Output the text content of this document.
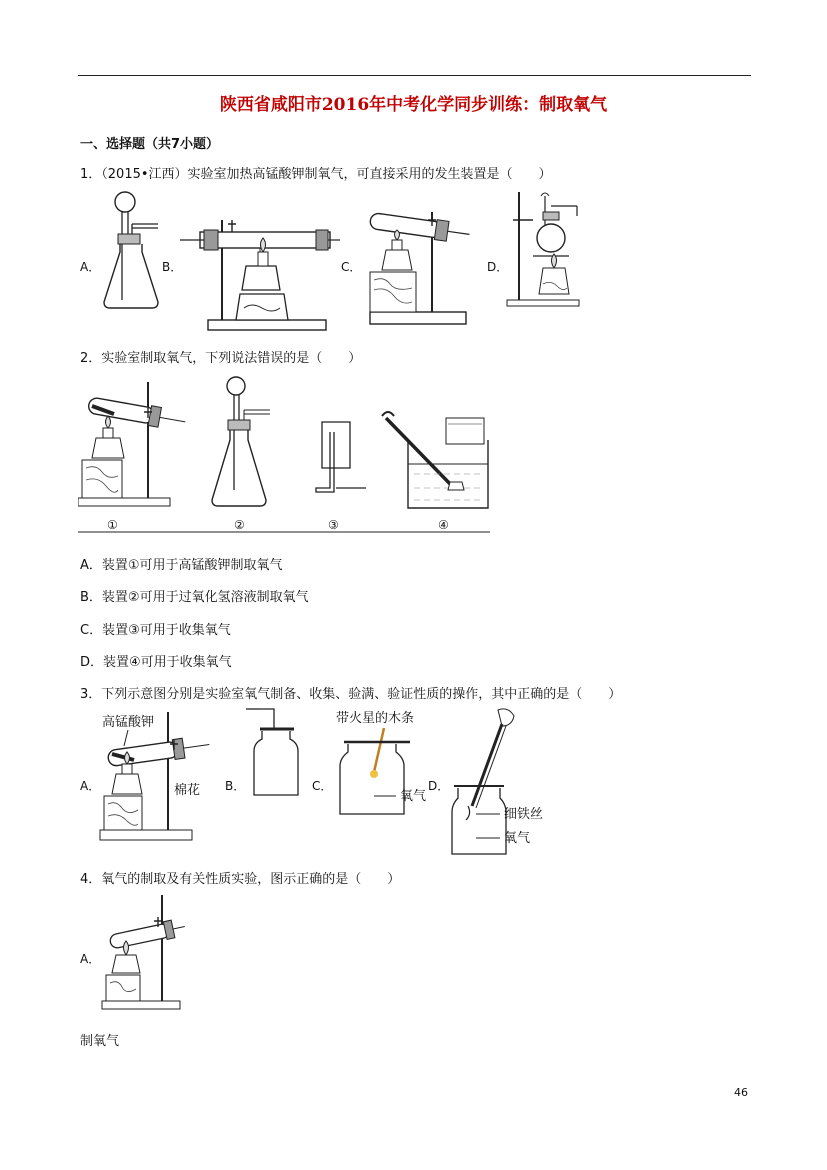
陕西省咸阳市2016年中考化学同步训练：制取氧气
一、选择题（共7小题）
1．（2015•江西）实验室加热高锰酸钾制氧气，可直接采用的发生装置是（　　）
A．	B．	C．	D．
2．实验室制取氧气，下列说法错误的是（　　）
①	②	③	④
A．装置①可用于高锰酸钾制取氧气
B．装置②可用于过氧化氢溶液制取氧气
C．装置③可用于收集氧气
D．装置④可用于收集氧气
3．下列示意图分别是实验室氧气制备、收集、验满、验证性质的操作，其中正确的是（　　）
A．
高锰酸钾
棉花 B．	C．
带火星的木条
氧气
D．
细铁丝
氧气
4．氧气的制取及有关性质实验，图示正确的是（　　）
A．
制氧气
46
